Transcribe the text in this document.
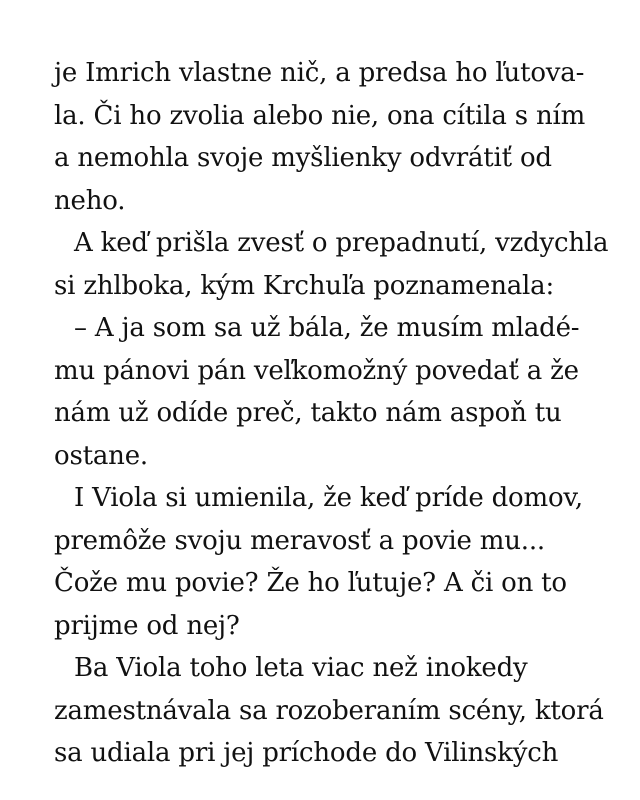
je Imrich vlastne nič, a predsa ho ľutova-
la. Či ho zvolia alebo nie, ona cítila s ním
a nemohla svoje myšlienky odvrátiť od
neho.
A keď prišla zvesť o prepadnutí, vzdychla
si zhlboka, kým Krchuľa poznamenala:
– A ja som sa už bála, že musím mladé-
mu pánovi pán veľkomožný povedať a že
nám už odíde preč, takto nám aspoň tu
ostane.
I Viola si umienila, že keď príde domov,
premôže svoju meravosť a povie mu...
Čože mu povie? Že ho ľutuje? A či on to
prijme od nej?
Ba Viola toho leta viac než inokedy
zamestnávala sa rozoberaním scény, ktorá
sa udiala pri jej príchode do Vilinských
